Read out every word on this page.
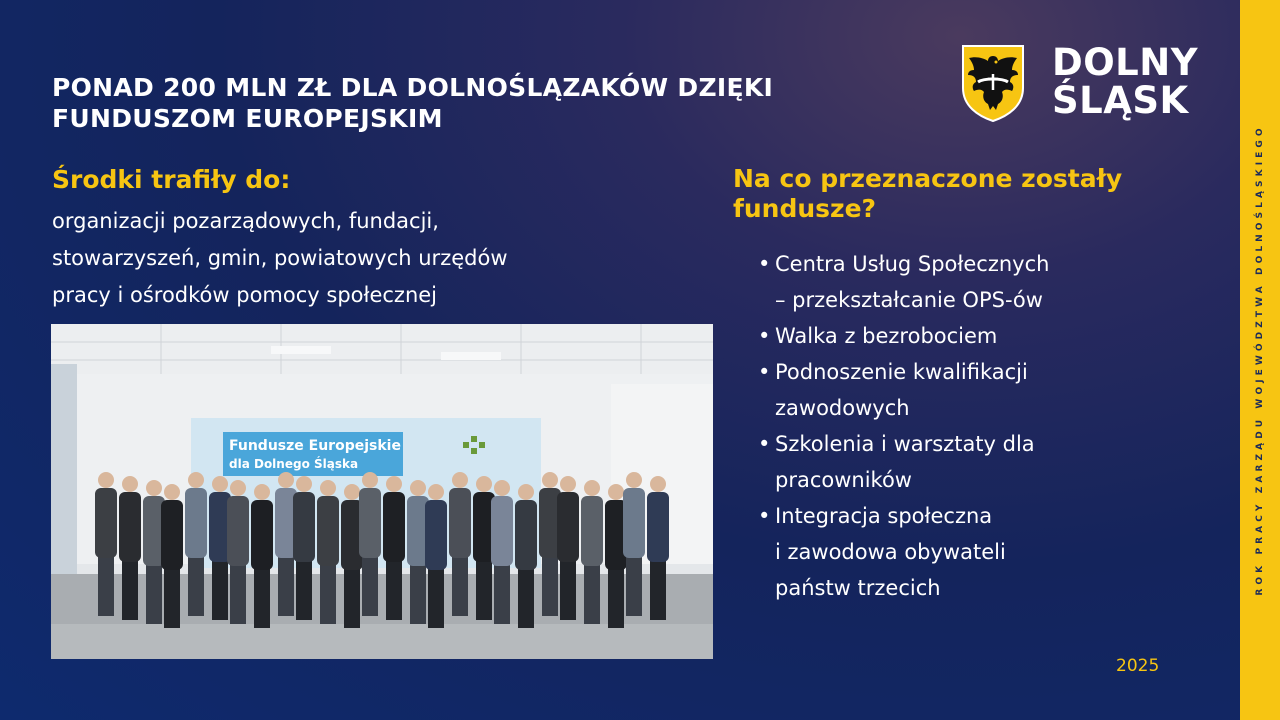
PONAD 200 MLN ZŁ DLA DOLNOŚLĄZAKÓW DZIĘKI
FUNDUSZOM EUROPEJSKIM
DOLNY
ŚLĄSK
Środki trafiły do:

organizacji pozarządowych, fundacji,
stowarzyszeń, gmin, powiatowych urzędów
pracy i ośrodków pomocy społecznej

Fundusze Europejskie
dla Dolnego Śląska
Na co przeznaczone zostały fundusze?
• Centra Usług Społecznych
– przekształcanie OPS-ów
• Walka z bezrobociem
• Podnoszenie kwalifikacji
zawodowych
• Szkolenia i warsztaty dla
pracowników
• Integracja społeczna
i zawodowa obywateli
państw trzecich
2025
ROK PRACY ZARZĄDU WOJEWÓDZTWA DOLNOŚLĄSKIEGO
